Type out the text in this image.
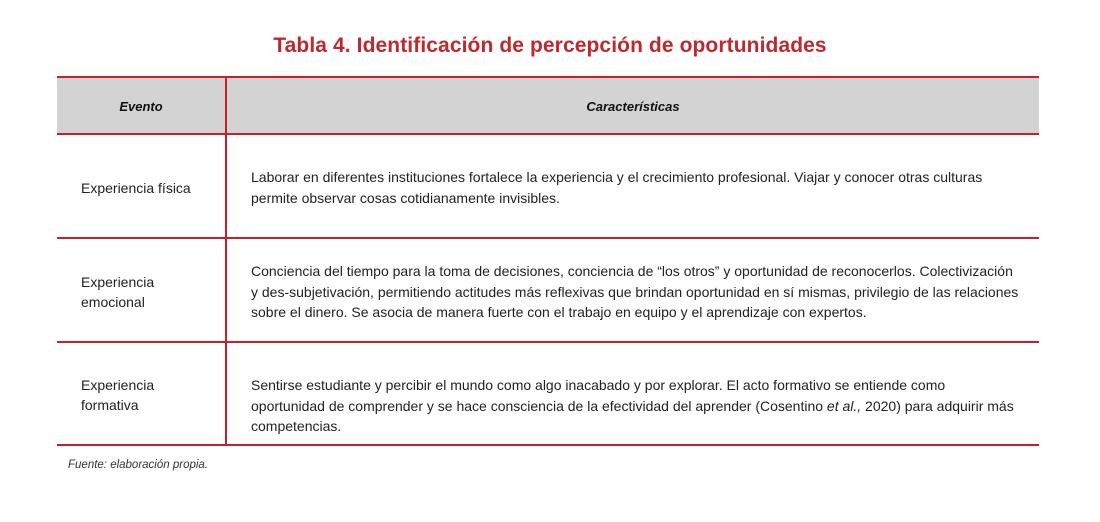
Tabla 4. Identificación de percepción de oportunidades
Evento	Características
Experiencia física
Laborar en diferentes instituciones fortalece la experiencia y el crecimiento profesional. Viajar y conocer otras culturas permite observar cosas cotidianamente invisibles.
Experiencia emocional
Conciencia del tiempo para la toma de decisiones, conciencia de “los otros” y oportunidad de reconocerlos. Colectivización y des-subjetivación, permitiendo actitudes más reflexivas que brindan oportunidad en sí mismas, privilegio de las relaciones sobre el dinero. Se asocia de manera fuerte con el trabajo en equipo y el aprendizaje con expertos.
Experiencia formativa
Sentirse estudiante y percibir el mundo como algo inacabado y por explorar. El acto formativo se entiende como oportunidad de comprender y se hace consciencia de la efectividad del aprender (Cosentino et al., 2020) para adquirir más competencias.
Fuente: elaboración propia.
